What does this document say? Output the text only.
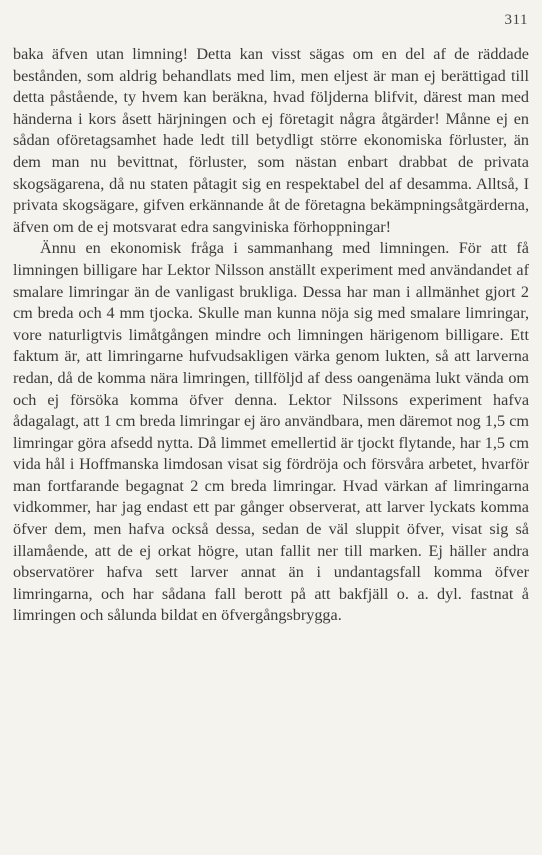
311

baka äfven utan limning! Detta kan visst sägas om en del af de räddade bestånden, som aldrig behandlats med lim, men eljest är man ej berättigad till detta påstående, ty hvem kan beräkna, hvad följderna blifvit, därest man med händerna i kors åsett härjningen och ej företagit några åtgärder! Månne ej en sådan oföretagsamhet hade ledt till betydligt större ekonomiska förluster, än dem man nu bevittnat, förluster, som nästan enbart drabbat de privata skogsägarena, då nu staten påtagit sig en respektabel del af desamma. Alltså, I privata skogsägare, gifven erkännande åt de företagna bekämpningsåtgärderna, äfven om de ej motsvarat edra sangviniska förhoppningar!

Ännu en ekonomisk fråga i sammanhang med limningen. För att få limningen billigare har Lektor Nilsson anställt experiment med användandet af smalare limringar än de vanligast brukliga. Dessa har man i allmänhet gjort 2 cm breda och 4 mm tjocka. Skulle man kunna nöja sig med smalare limringar, vore naturligtvis limåtgången mindre och limningen härigenom billigare. Ett faktum är, att limringarne hufvudsakligen värka genom lukten, så att larverna redan, då de komma nära limringen, tillföljd af dess oangenäma lukt vända om och ej försöka komma öfver denna. Lektor Nilssons experiment hafva ådagalagt, att 1 cm breda limringar ej äro användbara, men däremot nog 1,5 cm limringar göra afsedd nytta. Då limmet emellertid är tjockt flytande, har 1,5 cm vida hål i Hoffmanska limdosan visat sig fördröja och försvåra arbetet, hvarför man fortfarande begagnat 2 cm breda limringar. Hvad värkan af limringarna vidkommer, har jag endast ett par gånger observerat, att larver lyckats komma öfver dem, men hafva också dessa, sedan de väl sluppit öfver, visat sig så illamående, att de ej orkat högre, utan fallit ner till marken. Ej häller andra observatörer hafva sett larver annat än i undantagsfall komma öfver limringarna, och har sådana fall berott på att bakfjäll o. a. dyl. fastnat å limringen och sålunda bildat en öfvergångsbrygga.
